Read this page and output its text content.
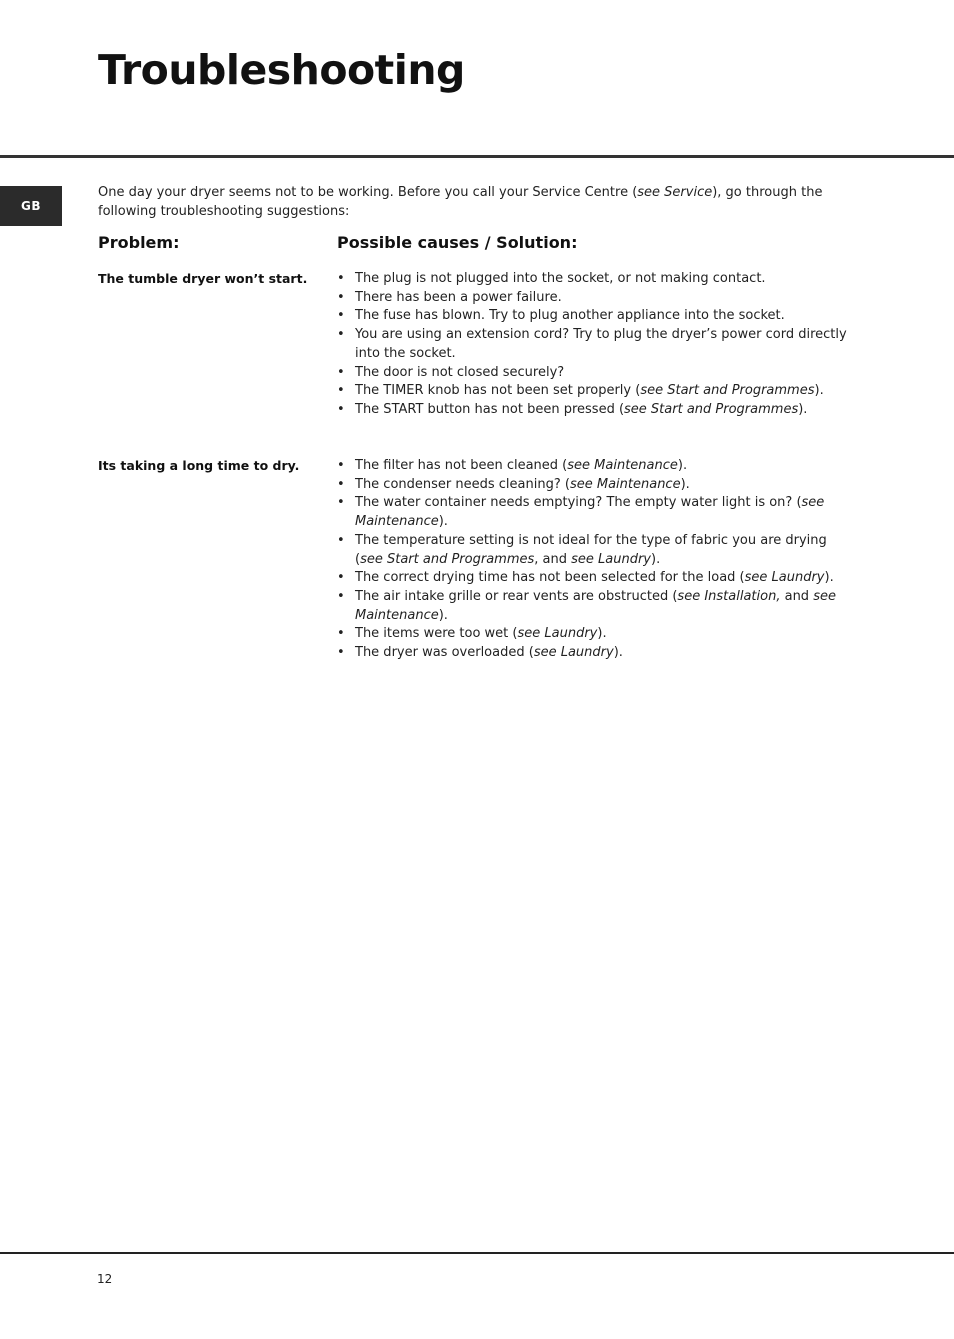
Troubleshooting
GB

One day your dryer seems not to be working. Before you call your Service Centre (see Service), go through the following troubleshooting suggestions:

Problem:	Possible causes / Solution:

The tumble dryer won’t start.	• The plug is not plugged into the socket, or not making contact.
• There has been a power failure.
• The fuse has blown. Try to plug another appliance into the socket.
• You are using an extension cord? Try to plug the dryer’s power cord directly into the socket.
• The door is not closed securely?
• The TIMER knob has not been set properly (see Start and Programmes).
• The START button has not been pressed (see Start and Programmes).

Its taking a long time to dry.	• The filter has not been cleaned (see Maintenance).
• The condenser needs cleaning? (see Maintenance).
• The water container needs emptying? The empty water light is on? (see Maintenance).
• The temperature setting is not ideal for the type of fabric you are drying (see Start and Programmes, and see Laundry).
• The correct drying time has not been selected for the load (see Laundry).
• The air intake grille or rear vents are obstructed (see Installation, and see Maintenance).
• The items were too wet (see Laundry).
• The dryer was overloaded (see Laundry).
12
